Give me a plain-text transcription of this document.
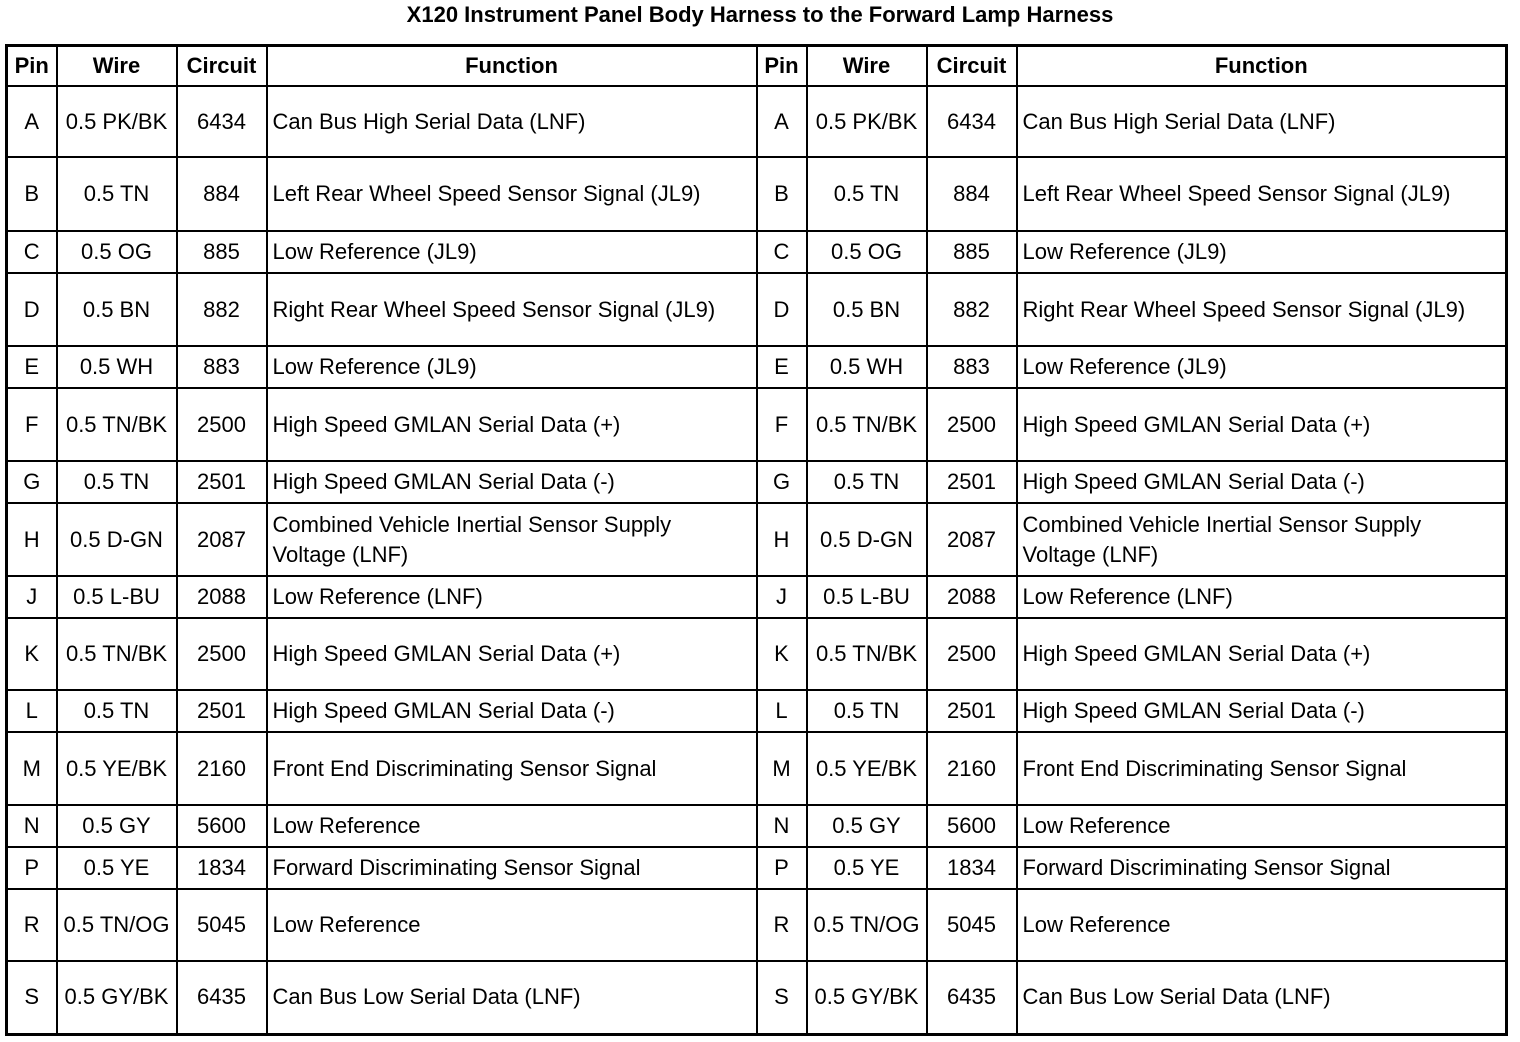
X120 Instrument Panel Body Harness to the Forward Lamp Harness
Pin	Wire	Circuit	Function	Pin	Wire	Circuit	Function
A	0.5 PK/BK	6434	Can Bus High Serial Data (LNF)	A	0.5 PK/BK	6434	Can Bus High Serial Data (LNF)
B	0.5 TN	884	Left Rear Wheel Speed Sensor Signal (JL9)	B	0.5 TN	884	Left Rear Wheel Speed Sensor Signal (JL9)
C	0.5 OG	885	Low Reference (JL9)	C	0.5 OG	885	Low Reference (JL9)
D	0.5 BN	882	Right Rear Wheel Speed Sensor Signal (JL9)	D	0.5 BN	882	Right Rear Wheel Speed Sensor Signal (JL9)
E	0.5 WH	883	Low Reference (JL9)	E	0.5 WH	883	Low Reference (JL9)
F	0.5 TN/BK	2500	High Speed GMLAN Serial Data (+)	F	0.5 TN/BK	2500	High Speed GMLAN Serial Data (+)
G	0.5 TN	2501	High Speed GMLAN Serial Data (-)	G	0.5 TN	2501	High Speed GMLAN Serial Data (-)
H	0.5 D-GN	2087	Combined Vehicle Inertial Sensor Supply Voltage (LNF)	H	0.5 D-GN	2087	Combined Vehicle Inertial Sensor Supply Voltage (LNF)
J	0.5 L-BU	2088	Low Reference (LNF)	J	0.5 L-BU	2088	Low Reference (LNF)
K	0.5 TN/BK	2500	High Speed GMLAN Serial Data (+)	K	0.5 TN/BK	2500	High Speed GMLAN Serial Data (+)
L	0.5 TN	2501	High Speed GMLAN Serial Data (-)	L	0.5 TN	2501	High Speed GMLAN Serial Data (-)
M	0.5 YE/BK	2160	Front End Discriminating Sensor Signal	M	0.5 YE/BK	2160	Front End Discriminating Sensor Signal
N	0.5 GY	5600	Low Reference	N	0.5 GY	5600	Low Reference
P	0.5 YE	1834	Forward Discriminating Sensor Signal	P	0.5 YE	1834	Forward Discriminating Sensor Signal
R	0.5 TN/OG	5045	Low Reference	R	0.5 TN/OG	5045	Low Reference
S	0.5 GY/BK	6435	Can Bus Low Serial Data (LNF)	S	0.5 GY/BK	6435	Can Bus Low Serial Data (LNF)
